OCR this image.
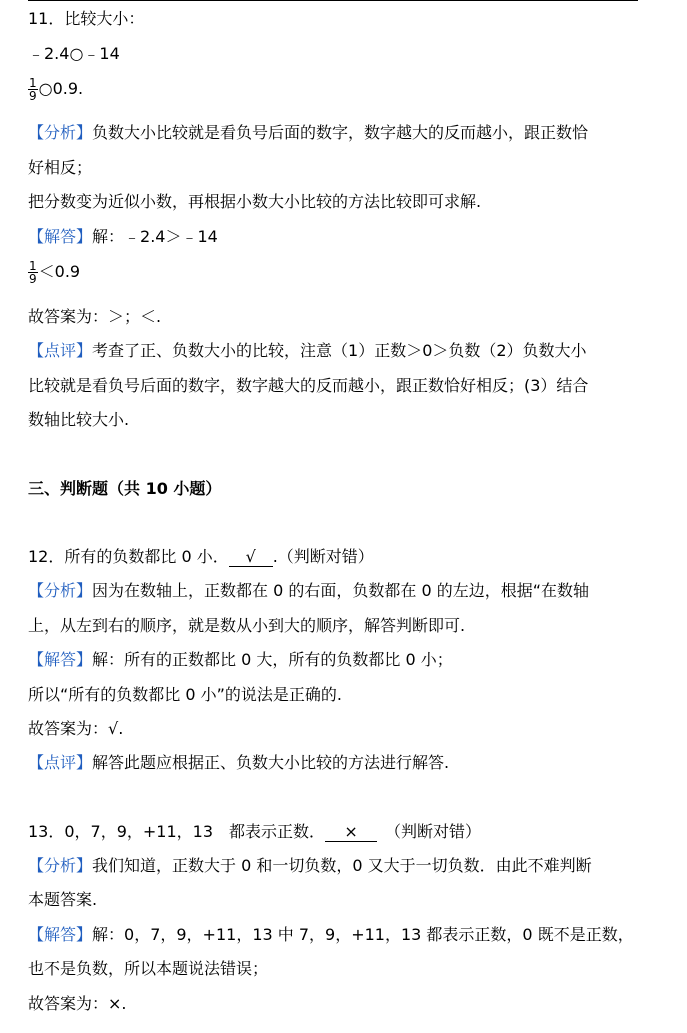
11．比较大小：
﹣2.4○﹣14
$\frac{1}{9}$ ○0.9.
【分析】负数大小比较就是看负号后面的数字，数字越大的反而越小，跟正数恰
好相反；
把分数变为近似小数，再根据小数大小比较的方法比较即可求解.
【解答】解：﹣2.4＞﹣14
$\frac{1}{9} <0.9$
故答案为：＞；＜.
【点评】考查了正、负数大小的比较，注意（1）正数＞0＞负数（2）负数大小
比较就是看负号后面的数字，数字越大的反而越小，跟正数恰好相反；(3）结合
数轴比较大小.
三、判断题（共 10 小题）
12．所有的负数都比 0 小． √ .（判断对错）
【分析】因为在数轴上，正数都在 0 的右面，负数都在 0 的左边，根据“在数轴
上，从左到右的顺序，就是数从小到大的顺序，解答判断即可.
【解答】解：所有的正数都比 0 大，所有的负数都比 0 小；
所以“所有的负数都比 0 小”的说法是正确的.
故答案为：√.
【点评】解答此题应根据正、负数大小比较的方法进行解答.
13．0，7，9，+11，13　都表示正数． × （判断对错）
【分析】我们知道，正数大于 0 和一切负数，0 又大于一切负数．由此不难判断
本题答案.
【解答】解：0，7，9，+11，13 中 7，9，+11，13 都表示正数，0 既不是正数，
也不是负数，所以本题说法错误；
故答案为：×.
